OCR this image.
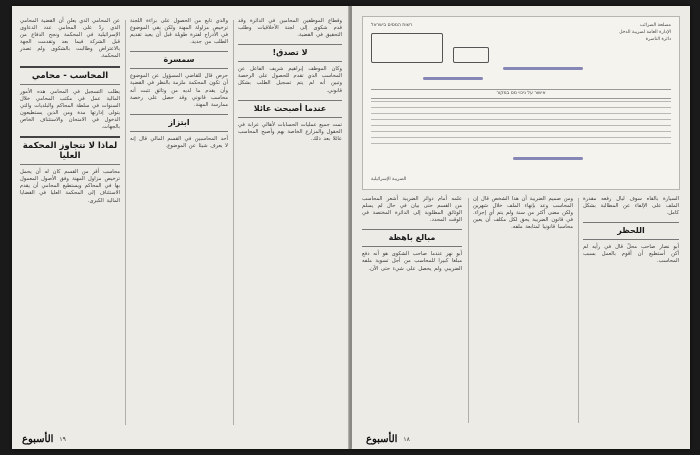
عن المحامي الذي يعلن أن القضية المحامي الذي ردّ على المحامي عدد الدعاوى الإسرائيلية في المحكمة ونجح الدفاع من قبل الشركة فيما بعد وتقدمت الجهة بالاعتراض وطالبت بالشكوى ولم تصدر المحكمة.
المحاسب - محامي
يطلب التسجيل في المحامي هذه الأمور المالية عمل في مكتب المحامي خلال السنوات في سلطة المحاكم والبلديات والتي يتولى إدارتها مدة ومن الذين يستطيعون الدخول في الامتحان والاستئناف الخاص بالجهات.
لماذا لا تتجاوز المحكمة العليا
محاسب أقر من القسم كان له أن يحمل ترخيص مزاول المهنة وفق الأصول المعمول بها في المحاكم ويستطيع المحامي أن يقدم الاستئناف إلى المحكمة العليا في القضايا المالية الكبرى.
والذي تابع من الحصول على براءة اللجنة ترخيص مزاولة المهنة ولكن بقي الموضوع في الأدراج لفترة طويلة قبل أن يعيد تقديم الطلب من جديد.
سمسرة
حرص قال للقاضي المسؤول عن الموضوع أن تكون المحكمة ملزمة بالنظر في القضية وأن يقدم ما لديه من وثائق تثبت أنه محاسب قانوني وقد حصل على رخصة ممارسة المهنة.
ابتزاز
أحد المحاسبين في القسم المالي قال إنه لا يعرف شيئا عن الموضوع.
وقطاع الموظفين المحامين في الدائرة وقد قدم شكوى إلى لجنة الأخلاقيات وطلب التحقيق في القضية.
لا تصدق!
وكان الموظف إبراهيم شريف الفاعل عن المحاسب الذي تقدم للحصول على الرخصة وتبين أنه لم يتم تسجيل الطلب بشكل قانوني.
عندما أصبحت عائلا
تمت جميع عمليات الحسابات لأهالي عرابة في الحقول والمزارع الخاصة بهم وأصبح المحاسب عائلا بعد ذلك.
الأسبوع ١٩
مصلحة الضرائب
الإدارة العامة لضريبة الدخل
دائرة الناصرة
רשות המסים בישראל
אישור על ניכוי מס במקור
الضريبة الإسرائيلية
علمه أمام دوائر الضريبة أشعر المحاسب من القسم حتى بيان في حال لم يسلم الوثائق المطلوبة إلى الدائرة المختصة في الوقت المحدد.
مبالغ باهظة
أبو نهر عندما صاحب الشكوى هو أنه دفع مبلغا كبيرا للمحاسب من أجل تسوية ملفه الضريبي ولم يحصل على شيء حتى الآن.
ومن صميم الضريبة أن هذا الشخص قال إن المحاسب وعد بإنهاء الملف خلال شهرين ولكن مضى أكثر من سنة ولم يتم أي إجراء.
في قانون الضريبة يحق لكل مكلف أن يعين محاسبا قانونيا لمتابعة ملفه.
السيارة بالقاه سوف ليال رفعه مقدرة الملف على الإلفاء عن المطالبة بشكل كامل.
اللحظر
أبو نصار صاحب محلّ قال في رأيه لم أكن أستطيع أن أقوم بالعمل بسبب المحاسب.
الأسبوع ١٨
